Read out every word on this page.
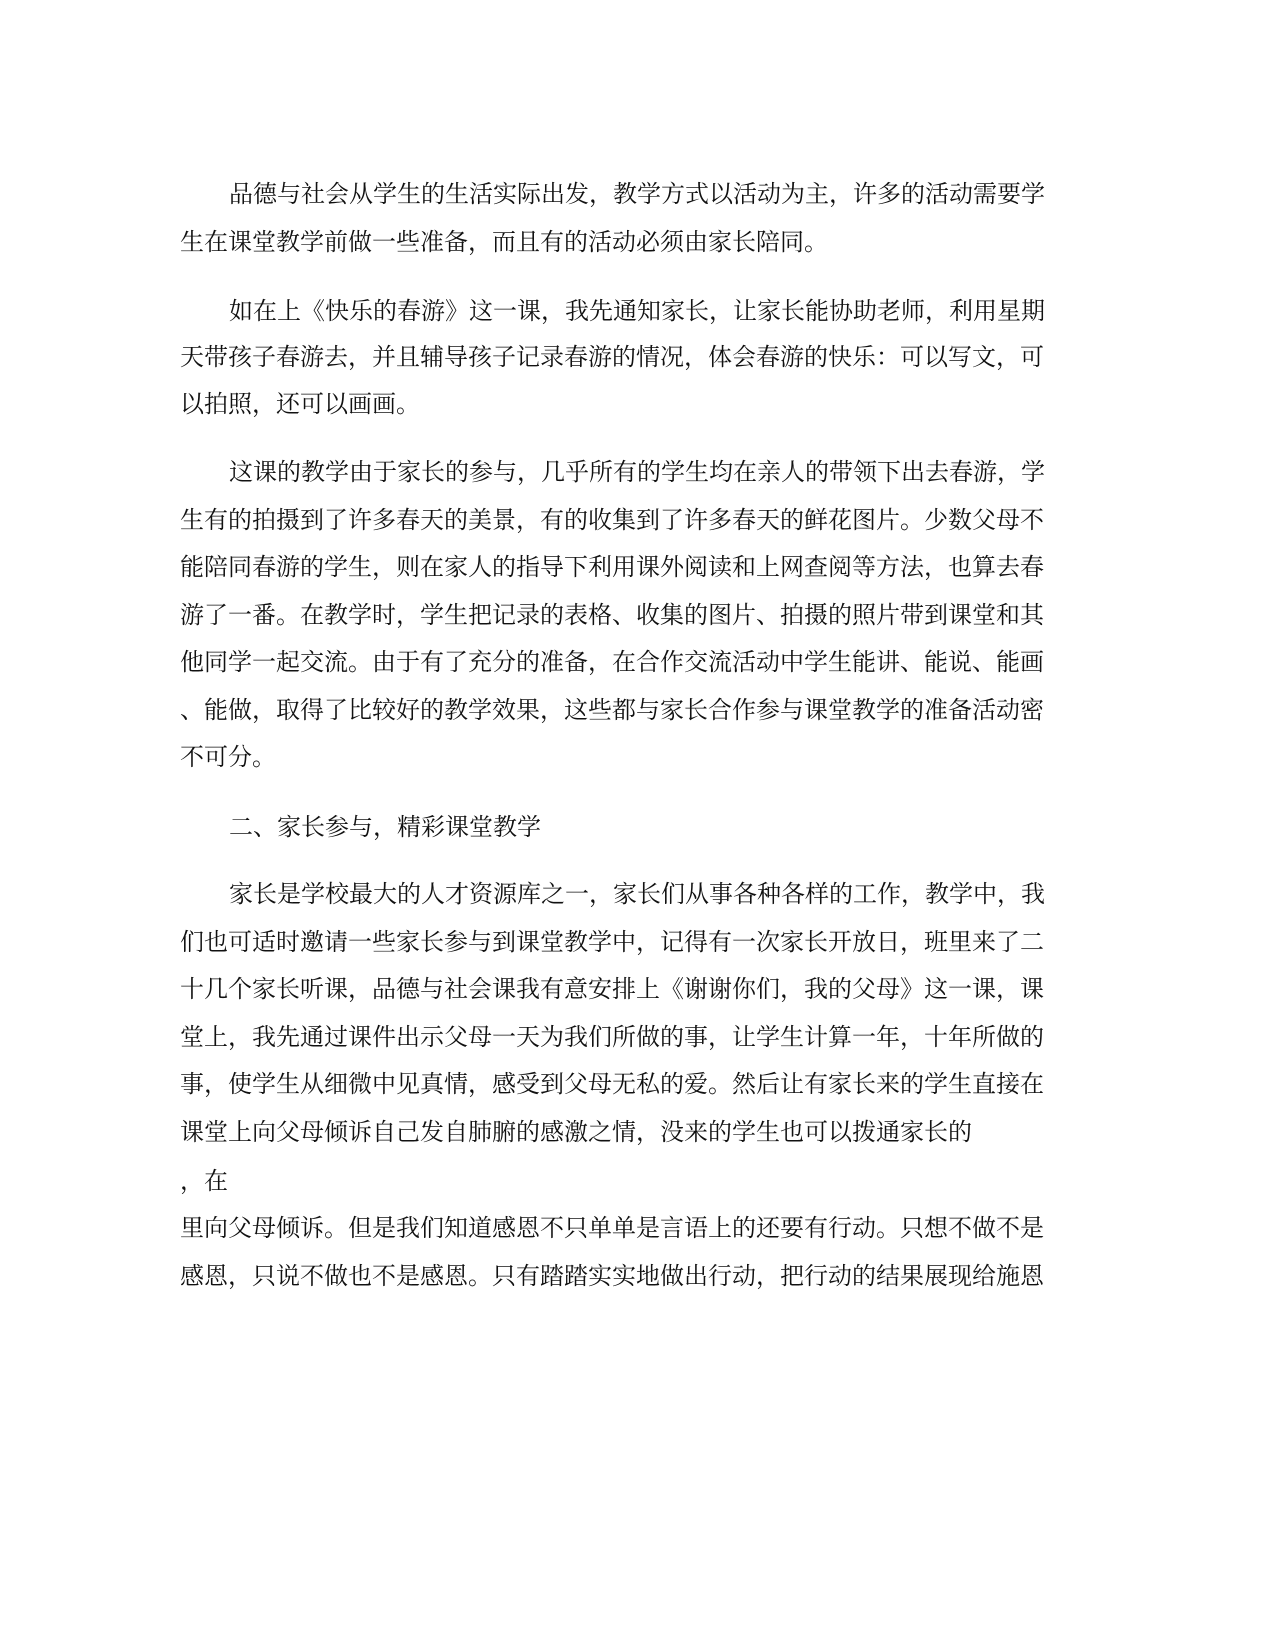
品德与社会从学生的生活实际出发，教学方式以活动为主，许多的活动需要学

生在课堂教学前做一些准备，而且有的活动必须由家长陪同。

如在上《快乐的春游》这一课，我先通知家长，让家长能协助老师，利用星期

天带孩子春游去，并且辅导孩子记录春游的情况，体会春游的快乐：可以写文，可

以拍照，还可以画画。

这课的教学由于家长的参与，几乎所有的学生均在亲人的带领下出去春游，学

生有的拍摄到了许多春天的美景，有的收集到了许多春天的鲜花图片。少数父母不

能陪同春游的学生，则在家人的指导下利用课外阅读和上网查阅等方法，也算去春

游了一番。在教学时，学生把记录的表格、收集的图片、拍摄的照片带到课堂和其

他同学一起交流。由于有了充分的准备，在合作交流活动中学生能讲、能说、能画

、能做，取得了比较好的教学效果，这些都与家长合作参与课堂教学的准备活动密

不可分。

二、家长参与，精彩课堂教学

家长是学校最大的人才资源库之一，家长们从事各种各样的工作，教学中，我

们也可适时邀请一些家长参与到课堂教学中，记得有一次家长开放日，班里来了二

十几个家长听课，品德与社会课我有意安排上《谢谢你们，我的父母》这一课，课

堂上，我先通过课件出示父母一天为我们所做的事，让学生计算一年，十年所做的

事，使学生从细微中见真情，感受到父母无私的爱。然后让有家长来的学生直接在

课堂上向父母倾诉自己发自肺腑的感激之情，没来的学生也可以拨通家长的

，在

里向父母倾诉。但是我们知道感恩不只单单是言语上的还要有行动。只想不做不是

感恩，只说不做也不是感恩。只有踏踏实实地做出行动，把行动的结果展现给施恩
